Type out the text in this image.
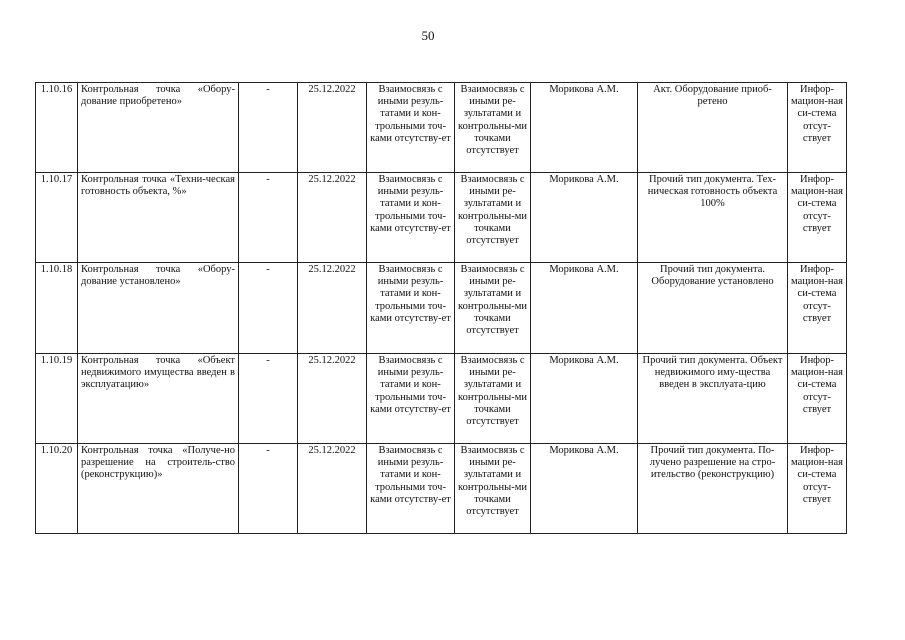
50
1.10.16	Контрольная точка «Обору-дование приобретено»	-	25.12.2022	Взаимосвязь с иными резуль-татами и кон-трольными точ-ками отсутству-ет	Взаимосвязь с иными ре-зультатами и контрольны-ми точками отсутствует	Морикова А.М.	Акт. Оборудование приоб-ретено	Инфор-мацион-ная си-стема отсут-ствует
1.10.17	Контрольная точка «Техни-ческая готовность объекта, %»	-	25.12.2022	Взаимосвязь с иными резуль-татами и кон-трольными точ-ками отсутству-ет	Взаимосвязь с иными ре-зультатами и контрольны-ми точками отсутствует	Морикова А.М.	Прочий тип документа. Тех-ническая готовность объекта 100%	Инфор-мацион-ная си-стема отсут-ствует
1.10.18	Контрольная точка «Обору-дование установлено»	-	25.12.2022	Взаимосвязь с иными резуль-татами и кон-трольными точ-ками отсутству-ет	Взаимосвязь с иными ре-зультатами и контрольны-ми точками отсутствует	Морикова А.М.	Прочий тип документа. Оборудование установлено	Инфор-мацион-ная си-стема отсут-ствует
1.10.19	Контрольная точка «Объект недвижимого имущества введен в эксплуатацию»	-	25.12.2022	Взаимосвязь с иными резуль-татами и кон-трольными точ-ками отсутству-ет	Взаимосвязь с иными ре-зультатами и контрольны-ми точками отсутствует	Морикова А.М.	Прочий тип документа. Объект недвижимого иму-щества введен в эксплуата-цию	Инфор-мацион-ная си-стема отсут-ствует
1.10.20	Контрольная точка «Получе-но разрешение на строитель-ство (реконструкцию)»	-	25.12.2022	Взаимосвязь с иными резуль-татами и кон-трольными точ-ками отсутству-ет	Взаимосвязь с иными ре-зультатами и контрольны-ми точками отсутствует	Морикова А.М.	Прочий тип документа. По-лучено разрешение на стро-ительство (реконструкцию)	Инфор-мацион-ная си-стема отсут-ствует
